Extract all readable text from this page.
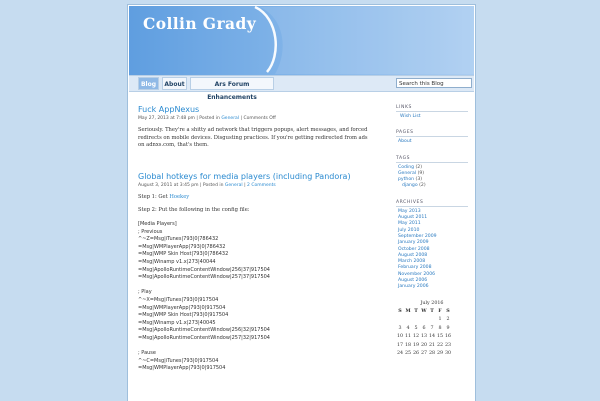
Collin Grady
Blog	About	Ars Forum Enhancements
Search this Blog
Fuck AppNexus
May 27, 2013 at 7:48 pm | Posted in General | Comments Off

Seriously. They're a shitty ad network that triggers popups, alert messages, and forced redirects on mobile devices. Disgusting practices. If you're getting redirected from ads on adnxs.com, that's them.

Global hotkeys for media players (including Pandora)
August 3, 2011 at 3:45 pm | Posted in General | 2 Comments

Step 1: Get Hoekey

Step 2: Put the following in the config file:

[Media Players]
; Previous
^~Z=Msg|iTunes|793|0|786432
=Msg|WMPlayerApp|793|0|786432
=Msg|WMP Skin Host|793|0|786432
=Msg|Winamp v1.x|273|40044
=Msg|ApolloRuntimeContentWindow|256|37|917504
=Msg|ApolloRuntimeContentWindow|257|37|917504

; Play
^~X=Msg|iTunes|793|0|917504
=Msg|WMPlayerApp|793|0|917504
=Msg|WMP Skin Host|793|0|917504
=Msg|Winamp v1.x|273|40045
=Msg|ApolloRuntimeContentWindow|256|32|917504
=Msg|ApolloRuntimeContentWindow|257|32|917504

; Pause
^~C=Msg|iTunes|793|0|917504
=Msg|WMPlayerApp|793|0|917504
LINKS
Wish List
PAGES
About
TAGS
Coding (2)
General (9)
python (3)
django (2)
ARCHIVES
May 2013
August 2011
May 2011
July 2010
September 2009
January 2009
October 2008
August 2008
March 2008
February 2008
November 2006
August 2006
January 2006
July 2016
S	M	T	W	T	F	S
					1	2
3	4	5	6	7	8	9
10	11	12	13	14	15	16
17	18	19	20	21	22	23
24	25	26	27	28	29	30
